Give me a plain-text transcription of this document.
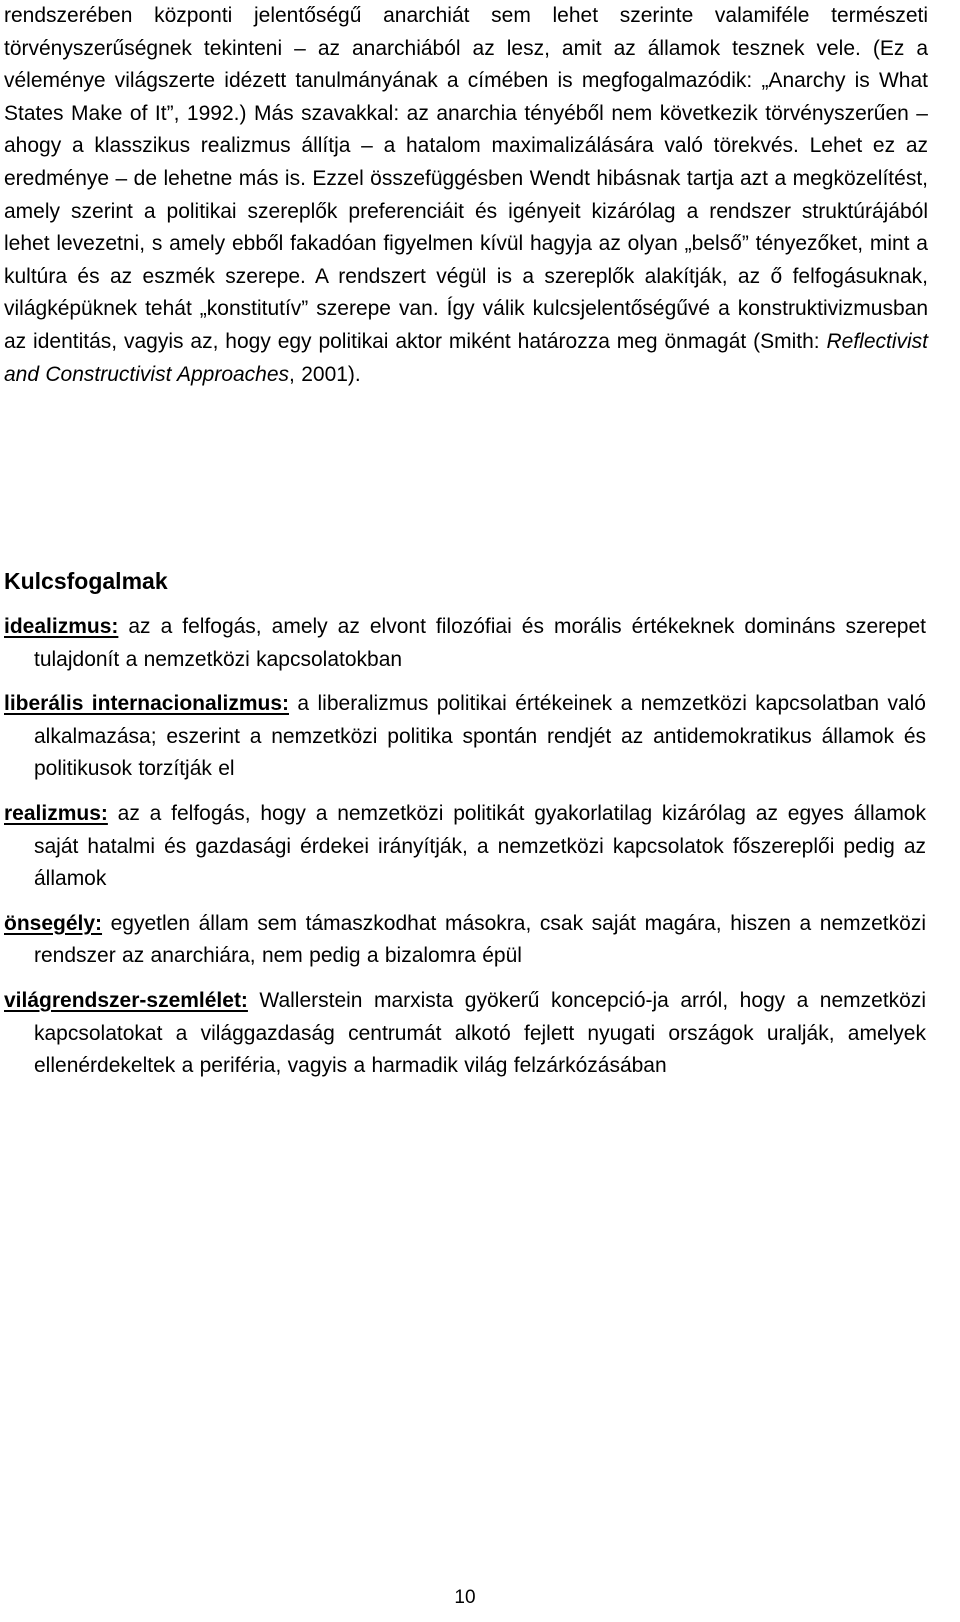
rendszerében központi jelentőségű anarchiát sem lehet szerinte valamiféle természeti törvényszerűségnek tekinteni – az anarchiából az lesz, amit az államok tesznek vele. (Ez a véleménye világszerte idézett tanulmányának a címében is megfogalmazódik: „Anarchy is What States Make of It”, 1992.) Más szavakkal: az anarchia tényéből nem következik törvényszerűen – ahogy a klasszikus realizmus állítja – a hatalom maximalizálására való törekvés. Lehet ez az eredménye – de lehetne más is. Ezzel összefüggésben Wendt hibásnak tartja azt a megközelítést, amely szerint a politikai szereplők preferenciáit és igényeit kizárólag a rendszer struktúrájából lehet levezetni, s amely ebből fakadóan figyelmen kívül hagyja az olyan „belső” tényezőket, mint a kultúra és az eszmék szerepe. A rendszert végül is a szereplők alakítják, az ő felfogásuknak, világképüknek tehát „konstitutív” szerepe van. Így válik kulcsjelentőségűvé a konstruktivizmusban az identitás, vagyis az, hogy egy politikai aktor miként határozza meg önmagát (Smith: Reflectivist and Constructivist Approaches, 2001).

Kulcsfogalmak

idealizmus: az a felfogás, amely az elvont filozófiai és morális értékeknek domináns szerepet tulajdonít a nemzetközi kapcsolatokban

liberális internacionalizmus: a liberalizmus politikai értékeinek a nemzetközi kapcsolatban való alkalmazása; eszerint a nemzetközi politika spontán rendjét az antidemokratikus államok és politikusok torzítják el

realizmus: az a felfogás, hogy a nemzetközi politikát gyakorlatilag kizárólag az egyes államok saját hatalmi és gazdasági érdekei irányítják, a nemzetközi kapcsolatok főszereplői pedig az államok

önsegély: egyetlen állam sem támaszkodhat másokra, csak saját magára, hiszen a nemzetközi rendszer az anarchiára, nem pedig a bizalomra épül

világrendszer-szemlélet: Wallerstein marxista gyökerű koncepció-ja arról, hogy a nemzetközi kapcsolatokat a világgazdaság centrumát alkotó fejlett nyugati országok uralják, amelyek ellenérdekeltek a periféria, vagyis a harmadik világ felzárkózásában

10
